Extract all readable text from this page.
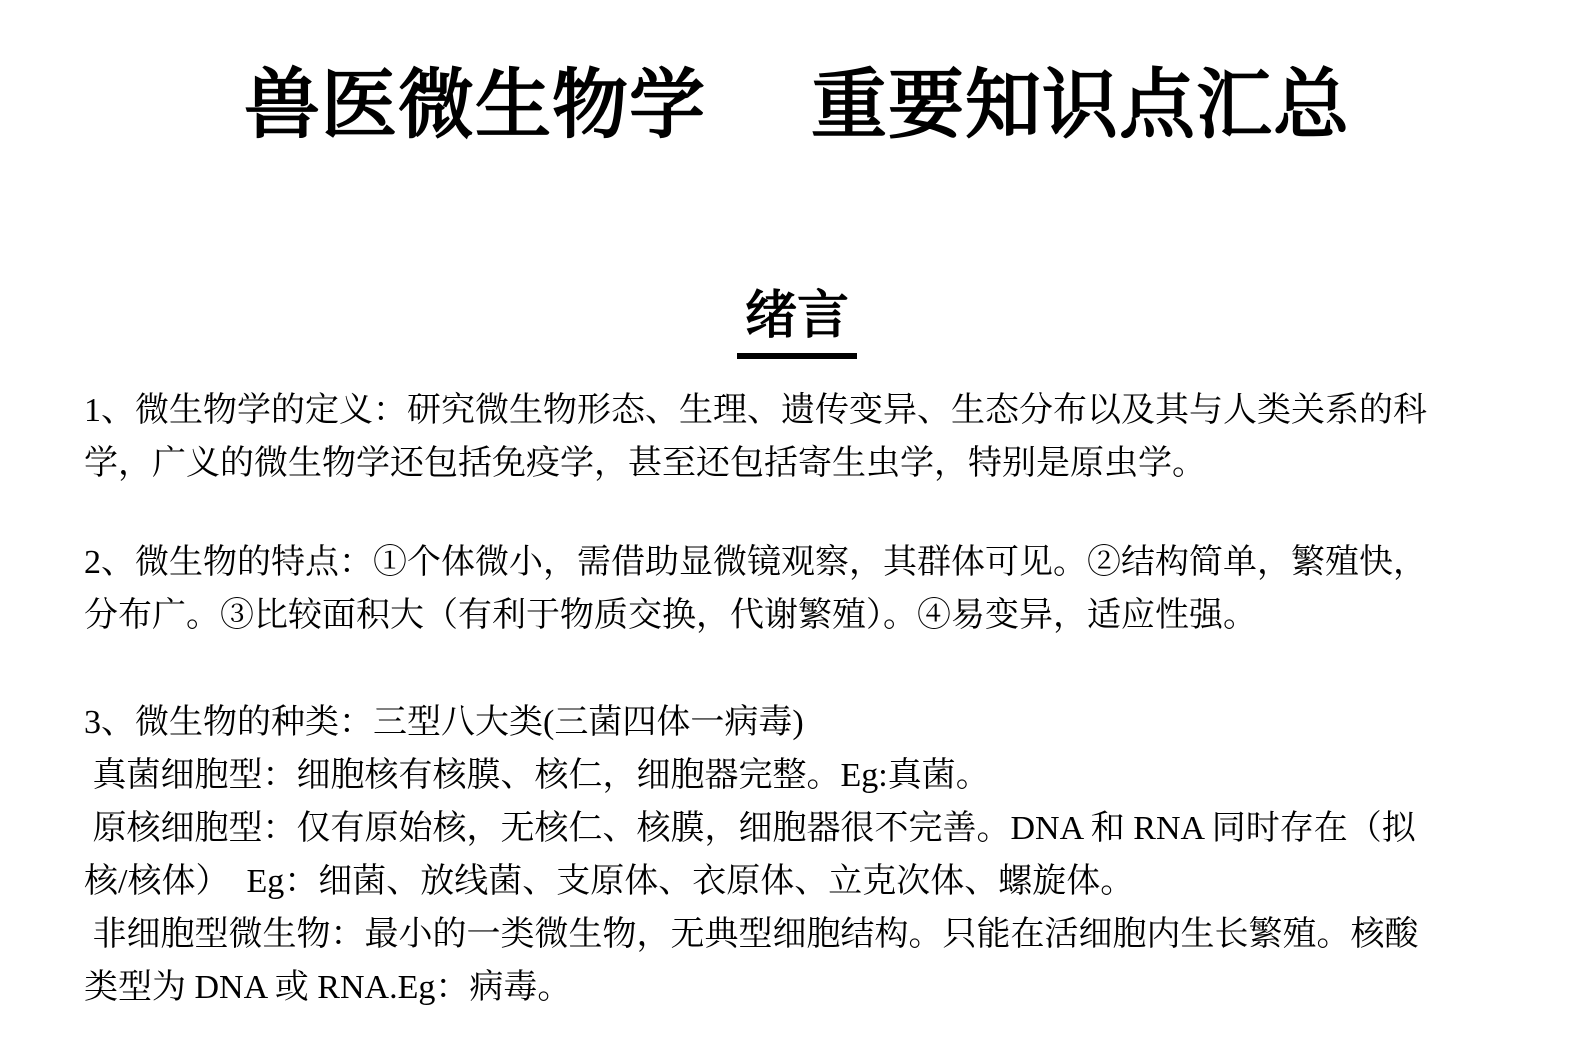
兽医微生物学 重要知识点汇总
绪言

1、微生物学的定义：研究微生物形态、生理、遗传变异、生态分布以及其与人类关系的科
学，广义的微生物学还包括免疫学，甚至还包括寄生虫学，特别是原虫学。

2、微生物的特点：①个体微小，需借助显微镜观察，其群体可见。②结构简单，繁殖快，
分布广。③比较面积大（有利于物质交换，代谢繁殖）。④易变异，适应性强。

3、微生物的种类：三型八大类(三菌四体一病毒)
真菌细胞型：细胞核有核膜、核仁，细胞器完整。Eg:真菌。
原核细胞型：仅有原始核，无核仁、核膜，细胞器很不完善。DNA 和 RNA 同时存在（拟
核/核体）  Eg：细菌、放线菌、支原体、衣原体、立克次体、螺旋体。
非细胞型微生物：最小的一类微生物，无典型细胞结构。只能在活细胞内生长繁殖。核酸
类型为 DNA 或 RNA.Eg：病毒。
